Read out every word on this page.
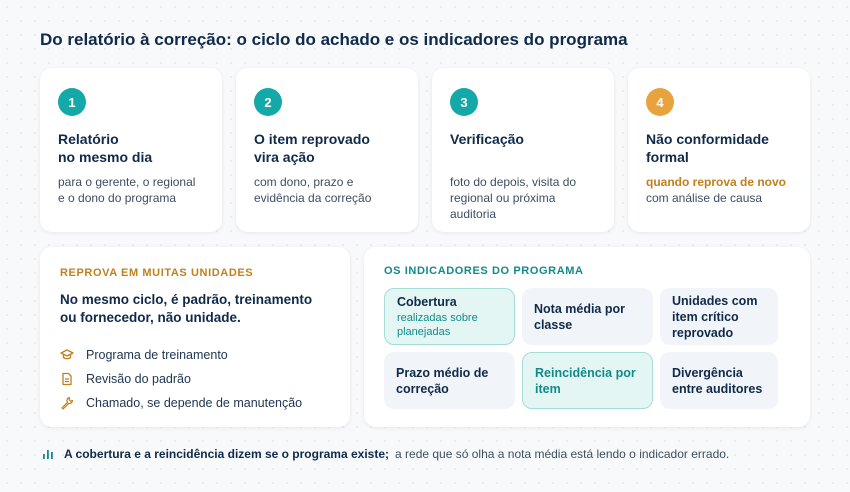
Do relatório à correção: o ciclo do achado e os indicadores do programa
1
Relatório
no mesmo dia
para o gerente, o regional e o dono do programa
2
O item reprovado
vira ação
com dono, prazo e evidência da correção
3
Verificação
foto do depois, visita do regional ou próxima auditoria
4
Não conformidade
formal
quando reprova de novo
com análise de causa
REPROVA EM MUITAS UNIDADES
No mesmo ciclo, é padrão, treinamento ou fornecedor, não unidade.
Programa de treinamento
Revisão do padrão
Chamado, se depende de manutenção
OS INDICADORES DO PROGRAMA
Cobertura
realizadas sobre planejadas
Nota média por classe
Unidades com item crítico reprovado
Prazo médio de correção
Reincidência por item
Divergência entre auditores
A cobertura e a reincidência dizem se o programa existe; a rede que só olha a nota média está lendo o indicador errado.
